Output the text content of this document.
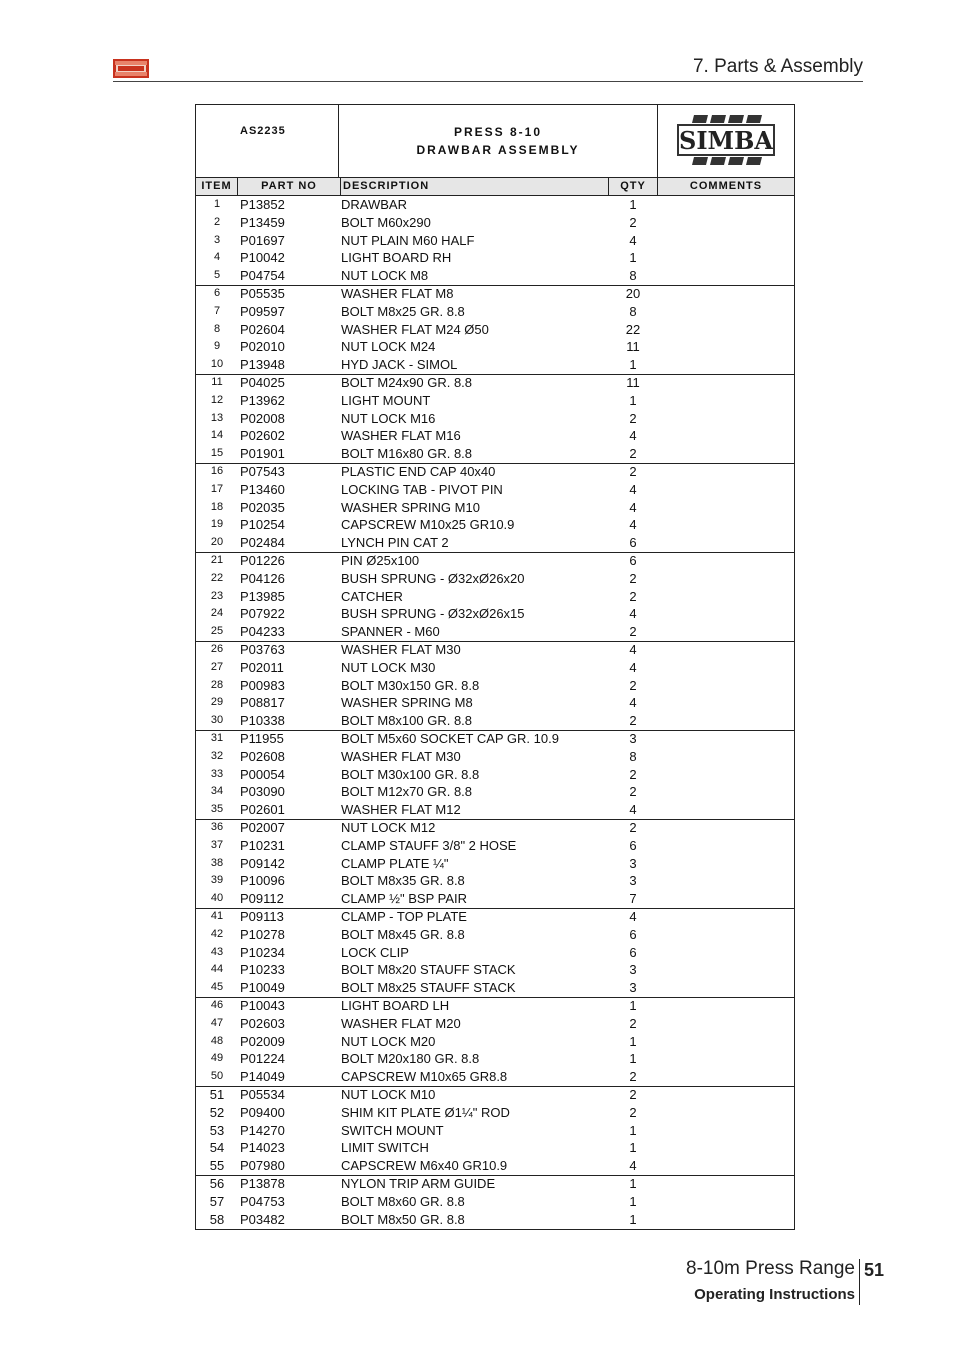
7. Parts & Assembly
AS2235	PRESS 8-10
DRAWBAR ASSEMBLY	SIMBA
ITEM	PART NO	DESCRIPTION	QTY	COMMENTS
1	P13852	DRAWBAR	1
2	P13459	BOLT M60x290	2
3	P01697	NUT PLAIN M60 HALF	4
4	P10042	LIGHT BOARD RH	1
5	P04754	NUT LOCK M8	8
6	P05535	WASHER FLAT M8	20
7	P09597	BOLT M8x25 GR. 8.8	8
8	P02604	WASHER FLAT M24 Ø50	22
9	P02010	NUT LOCK M24	11
10	P13948	HYD JACK - SIMOL	1
11	P04025	BOLT M24x90 GR. 8.8	11
12	P13962	LIGHT MOUNT	1
13	P02008	NUT LOCK M16	2
14	P02602	WASHER FLAT M16	4
15	P01901	BOLT M16x80 GR. 8.8	2
16	P07543	PLASTIC END CAP 40x40	2
17	P13460	LOCKING TAB - PIVOT PIN	4
18	P02035	WASHER SPRING M10	4
19	P10254	CAPSCREW M10x25 GR10.9	4
20	P02484	LYNCH PIN CAT 2	6
21	P01226	PIN Ø25x100	6
22	P04126	BUSH SPRUNG - Ø32xØ26x20	2
23	P13985	CATCHER	2
24	P07922	BUSH SPRUNG - Ø32xØ26x15	4
25	P04233	SPANNER - M60	2
26	P03763	WASHER FLAT M30	4
27	P02011	NUT LOCK M30	4
28	P00983	BOLT M30x150 GR. 8.8	2
29	P08817	WASHER SPRING M8	4
30	P10338	BOLT M8x100 GR. 8.8	2
31	P11955	BOLT M5x60 SOCKET CAP GR. 10.9	3
32	P02608	WASHER FLAT M30	8
33	P00054	BOLT M30x100 GR. 8.8	2
34	P03090	BOLT M12x70 GR. 8.8	2
35	P02601	WASHER FLAT M12	4
36	P02007	NUT LOCK M12	2
37	P10231	CLAMP STAUFF 3/8" 2 HOSE	6
38	P09142	CLAMP PLATE ¼"	3
39	P10096	BOLT M8x35 GR. 8.8	3
40	P09112	CLAMP ½" BSP PAIR	7
41	P09113	CLAMP - TOP PLATE	4
42	P10278	BOLT M8x45 GR. 8.8	6
43	P10234	LOCK CLIP	6
44	P10233	BOLT M8x20 STAUFF STACK	3
45	P10049	BOLT M8x25 STAUFF STACK	3
46	P10043	LIGHT BOARD LH	1
47	P02603	WASHER FLAT M20	2
48	P02009	NUT LOCK M20	1
49	P01224	BOLT M20x180 GR. 8.8	1
50	P14049	CAPSCREW M10x65 GR8.8	2
51	P05534	NUT LOCK M10	2
52	P09400	SHIM KIT PLATE Ø1¼" ROD	2
53	P14270	SWITCH MOUNT	1
54	P14023	LIMIT SWITCH	1
55	P07980	CAPSCREW M6x40 GR10.9	4
56	P13878	NYLON TRIP ARM GUIDE	1
57	P04753	BOLT M8x60 GR. 8.8	1
58	P03482	BOLT M8x50 GR. 8.8	1

8-10m Press Range 51
Operating Instructions
